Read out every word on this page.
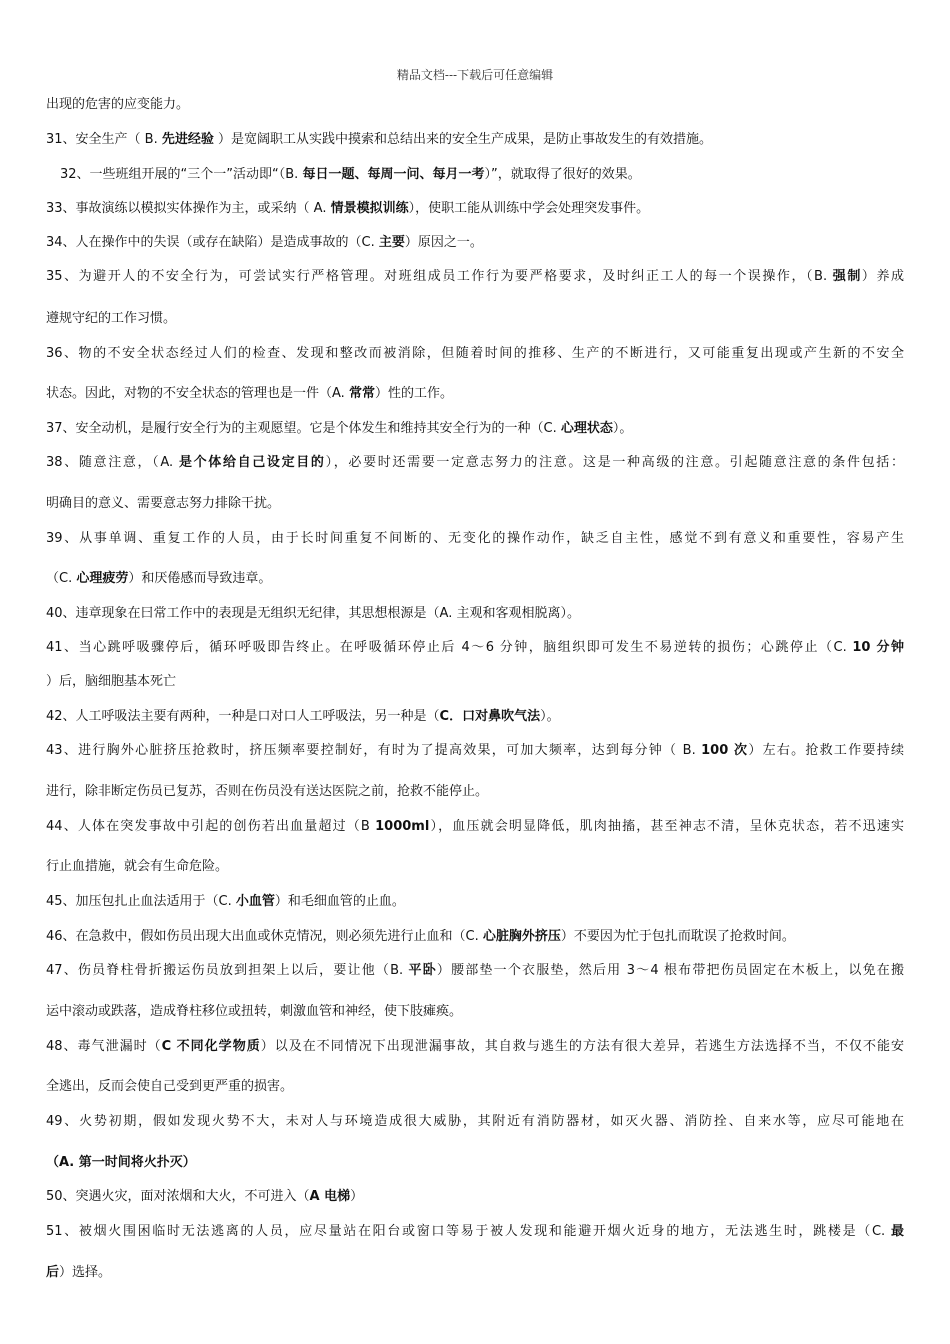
精品文档---下载后可任意编辑
出现的危害的应变能力。
31、安全生产（ B. 先进经验 ）是宽阔职工从实践中摸索和总结出来的安全生产成果，是防止事故发生的有效措施。
32、一些班组开展的“三个一”活动即“（B. 每日一题、每周一问、每月一考）”，就取得了很好的效果。
33、事故演练以模拟实体操作为主，或采纳（ A. 情景模拟训练），使职工能从训练中学会处理突发事件。
34、人在操作中的失误（或存在缺陷）是造成事故的（C. 主要）原因之一。
35、为避开人的不安全行为，可尝试实行严格管理。对班组成员工作行为要严格要求，及时纠正工人的每一个误操作，（B. 强制）养成
遵规守纪的工作习惯。
36、物的不安全状态经过人们的检查、发现和整改而被消除，但随着时间的推移、生产的不断进行，又可能重复出现或产生新的不安全
状态。因此，对物的不安全状态的管理也是一件（A. 常常）性的工作。
37、安全动机，是履行安全行为的主观愿望。它是个体发生和维持其安全行为的一种（C. 心理状态）。
38、随意注意，（A. 是个体给自己设定目的），必要时还需要一定意志努力的注意。这是一种高级的注意。引起随意注意的条件包括：
明确目的意义、需要意志努力排除干扰。
39、从事单调、重复工作的人员，由于长时间重复不间断的、无变化的操作动作，缺乏自主性，感觉不到有意义和重要性，容易产生
（C. 心理疲劳）和厌倦感而导致违章。
40、违章现象在曰常工作中的表现是无组织无纪律，其思想根源是（A. 主观和客观相脱离）。
41、当心跳呼吸骤停后，循环呼吸即告终止。在呼吸循环停止后 4～6 分钟，脑组织即可发生不易逆转的损伤；心跳停止（C. 10 分钟
）后，脑细胞基本死亡
42、人工呼吸法主要有两种，一种是口对口人工呼吸法，另一种是（C．口对鼻吹气法）。
43、进行胸外心脏挤压抢救时，挤压频率要控制好，有时为了提高效果，可加大频率，达到每分钟（ B. 100 次）左右。抢救工作要持续
进行，除非断定伤员已复苏，否则在伤员没有送达医院之前，抢救不能停止。
44、人体在突发事故中引起的创伤若出血量超过（B 1000ml），血压就会明显降低，肌肉抽搐，甚至神志不清，呈休克状态，若不迅速实
行止血措施，就会有生命危险。
45、加压包扎止血法适用于（C. 小血管）和毛细血管的止血。
46、在急救中，假如伤员出现大出血或休克情况，则必须先进行止血和（C. 心脏胸外挤压）不要因为忙于包扎而耽误了抢救时间。
47、伤员脊柱骨折搬运伤员放到担架上以后，要让他（B. 平卧）腰部垫一个衣服垫，然后用 3～4 根布带把伤员固定在木板上，以免在搬
运中滚动或跌落，造成脊柱移位或扭转，刺激血管和神经，使下肢瘫痪。
48、毒气泄漏时（C 不同化学物质）以及在不同情况下出现泄漏事故，其自救与逃生的方法有很大差异，若逃生方法选择不当，不仅不能安
全逃出，反而会使自己受到更严重的损害。
49、火势初期，假如发现火势不大，未对人与环境造成很大威胁，其附近有消防器材，如灭火器、消防拴、自来水等，应尽可能地在
（A. 第一时间将火扑灭）
50、突遇火灾，面对浓烟和大火，不可进入（A 电梯）
51、被烟火围困临时无法逃离的人员，应尽量站在阳台或窗口等易于被人发现和能避开烟火近身的地方，无法逃生时，跳楼是（C. 最
后）选择。
